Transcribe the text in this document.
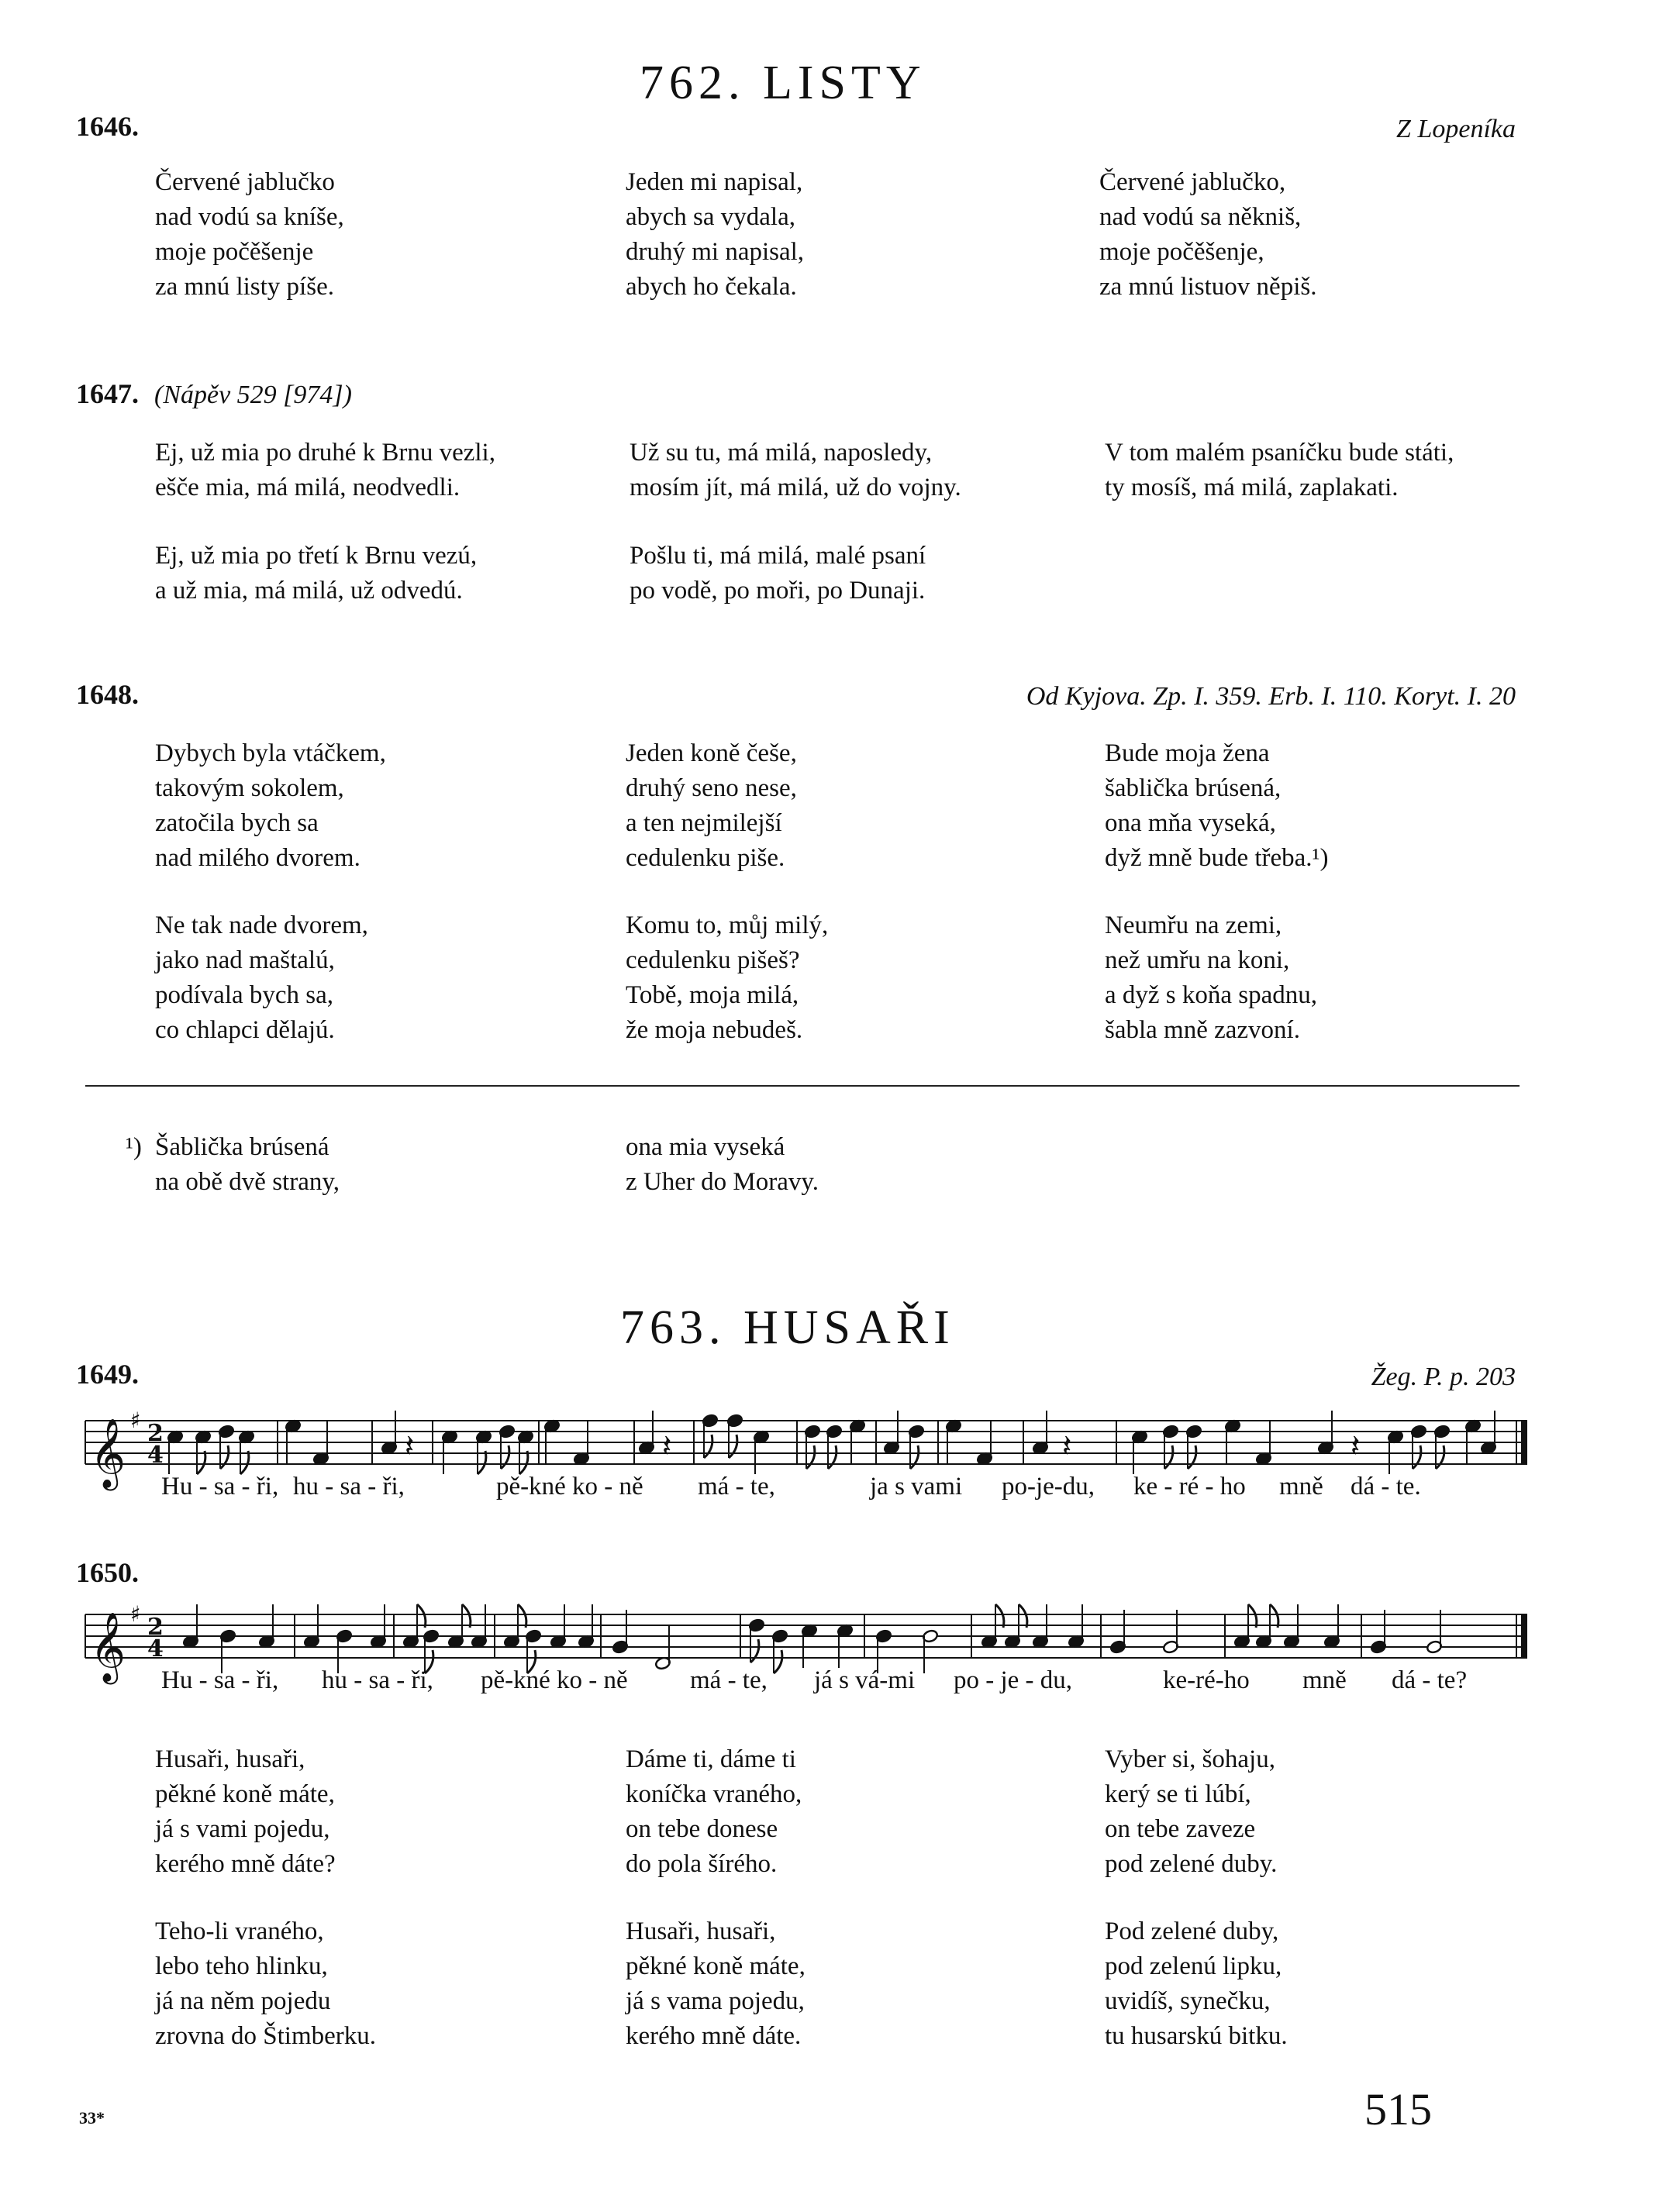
762. LISTY
1646.	Z Lopeníka
Červené jablučko
nad vodú sa kníše,
moje počěšenje
za mnú listy píše.
Jeden mi napisal,
abych sa vydala,
druhý mi napisal,
abych ho čekala.
Červené jablučko,
nad vodú sa někniš,
moje počěšenje,
za mnú listuov něpiš.
1647. (Nápěv 529 [974])
Ej, už mia po druhé k Brnu vezli,
ešče mia, má milá, neodvedli.
Už su tu, má milá, naposledy,
mosím jít, má milá, už do vojny.
V tom malém psaníčku bude státi,
ty mosíš, má milá, zaplakati.
Ej, už mia po třetí k Brnu vezú,
a už mia, má milá, už odvedú.
Pošlu ti, má milá, malé psaní
po vodě, po moři, po Dunaji.
1648.	Od Kyjova. Zp. I. 359. Erb. I. 110. Koryt. I. 20
Dybych byla vtáčkem,
takovým sokolem,
zatočila bych sa
nad milého dvorem.
Jeden koně češe,
druhý seno nese,
a ten nejmilejší
cedulenku piše.
Bude moja žena
šablička brúsená,
ona mňa vyseká,
dyž mně bude třeba.¹)
Ne tak nade dvorem,
jako nad maštalú,
podívala bych sa,
co chlapci dělajú.
Komu to, můj milý,
cedulenku pišeš?
Tobě, moja milá,
že moja nebudeš.
Neumřu na zemi,
než umřu na koni,
a dyž s koňa spadnu,
šabla mně zazvoní.
¹) Šablička brúsená
na obě dvě strany,
ona mia vyseká
z Uher do Moravy.
763. HUSAŘI
1649.	Žeg. P. p. 203
𝄞 ♯ 2
4	𝄽	𝄽	𝄽	𝄽
Hu - sa - ři, hu - sa - ři,	pě-kné ko - ně má - te,	ja s vami po-je-du, ke - ré - ho mně dá - te.
1650.
𝄞 ♯ 2
4
Hu - sa - ři, hu - sa - ři, pě-kné ko - ně má - te, já s vá-mi po - je - du,	ke-ré-ho mně dá - te?
Husaři, husaři,
pěkné koně máte,
já s vami pojedu,
kerého mně dáte?
Dáme ti, dáme ti
koníčka vraného,
on tebe donese
do pola šírého.
Vyber si, šohaju,
kerý se ti lúbí,
on tebe zaveze
pod zelené duby.
Teho-li vraného,
lebo teho hlinku,
já na něm pojedu
zrovna do Štimberku.
Husaři, husaři,
pěkné koně máte,
já s vama pojedu,
kerého mně dáte.
Pod zelené duby,
pod zelenú lipku,
uvidíš, synečku,
tu husarskú bitku.
33*	515
